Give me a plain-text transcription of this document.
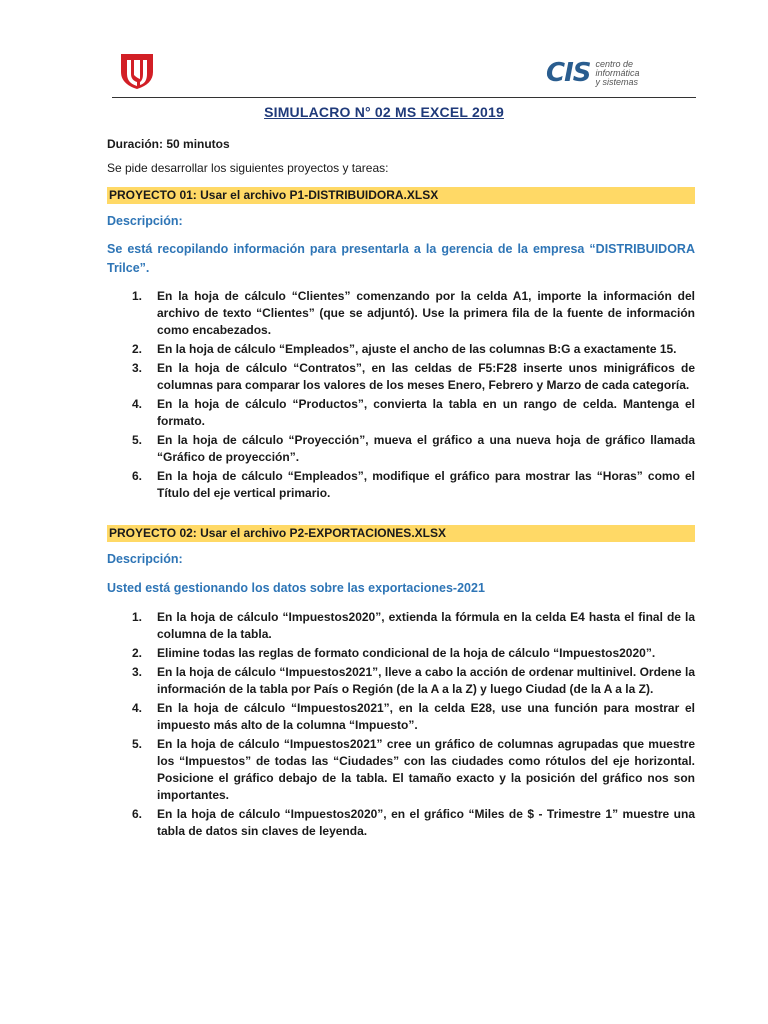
CIS centro de
informática
y sistemas
SIMULACRO N° 02 MS EXCEL 2019
Duración: 50 minutos
Se pide desarrollar los siguientes proyectos y tareas:
PROYECTO 01: Usar el archivo P1-DISTRIBUIDORA.XLSX
Descripción:
Se está recopilando información para presentarla a la gerencia de la empresa “DISTRIBUIDORA Trilce”.
1. En la hoja de cálculo “Clientes” comenzando por la celda A1, importe la información del archivo de texto “Clientes” (que se adjuntó). Use la primera fila de la fuente de información como encabezados.
2. En la hoja de cálculo “Empleados”, ajuste el ancho de las columnas B:G a exactamente 15.
3. En la hoja de cálculo “Contratos”, en las celdas de F5:F28 inserte unos minigráficos de columnas para comparar los valores de los meses Enero, Febrero y Marzo de cada categoría.
4. En la hoja de cálculo “Productos”, convierta la tabla en un rango de celda. Mantenga el formato.
5. En la hoja de cálculo “Proyección”, mueva el gráfico a una nueva hoja de gráfico llamada “Gráfico de proyección”.
6. En la hoja de cálculo “Empleados”, modifique el gráfico para mostrar las “Horas” como el Título del eje vertical primario.
PROYECTO 02: Usar el archivo P2-EXPORTACIONES.XLSX
Descripción:
Usted está gestionando los datos sobre las exportaciones-2021
1. En la hoja de cálculo “Impuestos2020”, extienda la fórmula en la celda E4 hasta el final de la columna de la tabla.
2. Elimine todas las reglas de formato condicional de la hoja de cálculo “Impuestos2020”.
3. En la hoja de cálculo “Impuestos2021”, lleve a cabo la acción de ordenar multinivel. Ordene la información de la tabla por País o Región (de la A a la Z) y luego Ciudad (de la A a la Z).
4. En la hoja de cálculo “Impuestos2021”, en la celda E28, use una función para mostrar el impuesto más alto de la columna “Impuesto”.
5. En la hoja de cálculo “Impuestos2021” cree un gráfico de columnas agrupadas que muestre los “Impuestos” de todas las “Ciudades” con las ciudades como rótulos del eje horizontal. Posicione el gráfico debajo de la tabla. El tamaño exacto y la posición del gráfico nos son importantes.
6. En la hoja de cálculo “Impuestos2020”, en el gráfico “Miles de $ - Trimestre 1” muestre una tabla de datos sin claves de leyenda.
